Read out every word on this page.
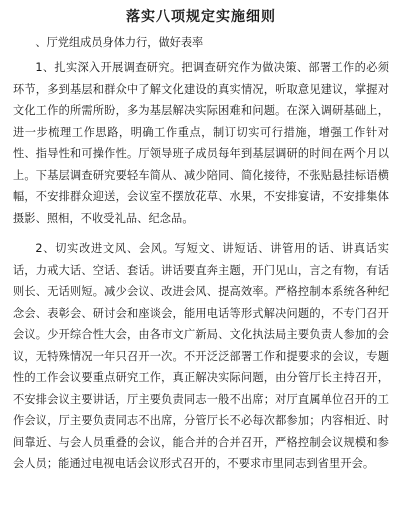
落实八项规定实施细则

、厅党组成员身体力行，做好表率

1、扎实深入开展调查研究。把调查研究作为做决策、部署工作的必须环节，多到基层和群众中了解文化建设的真实情况，听取意见建议，掌握对文化工作的所需所盼，多为基层解决实际困难和问题。在深入调研基础上，进一步梳理工作思路，明确工作重点，制订切实可行措施，增强工作针对性、指导性和可操作性。厅领导班子成员每年到基层调研的时间在两个月以上。下基层调查研究要轻车简从、减少陪同、简化接待，不张贴悬挂标语横幅，不安排群众迎送，会议室不摆放花草、水果，不安排宴请，不安排集体摄影、照相，不收受礼品、纪念品。

2、切实改进文风、会风。写短文、讲短话、讲管用的话、讲真话实话，力戒大话、空话、套话。讲话要直奔主题，开门见山，言之有物，有话则长、无话则短。减少会议、改进会风、提高效率。严格控制本系统各种纪念会、表彰会、研讨会和座谈会，能用电话等形式解决问题的，不专门召开会议。少开综合性大会，由各市文广新局、文化执法局主要负责人参加的会议，无特殊情况一年只召开一次。不开泛泛部署工作和提要求的会议，专题性的工作会议要重点研究工作，真正解决实际问题，由分管厅长主持召开，不安排会议主要讲话，厅主要负责同志一般不出席；对厅直属单位召开的工作会议，厅主要负责同志不出席，分管厅长不必每次都参加；内容相近、时间靠近、与会人员重叠的会议，能合并的合并召开，严格控制会议规模和参会人员；能通过电视电话会议形式召开的，不要求市里同志到省里开会。
